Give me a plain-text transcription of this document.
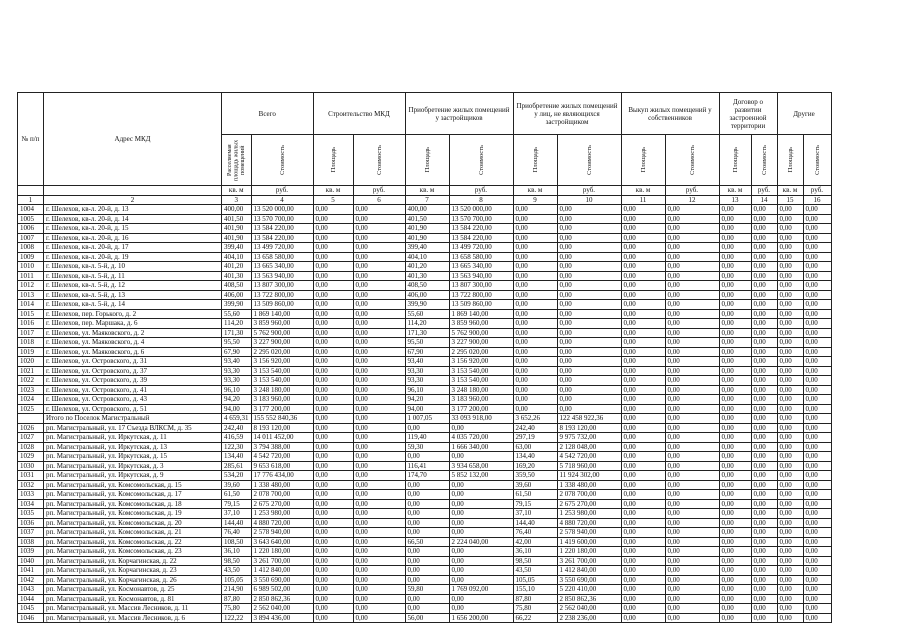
№ п/п	Адрес МКД	Всего		Строительство МКД		Приобретение жилых помещений у застройщиков		Приобретение жилых помещений у лиц, не являющихся застройщиком		Выкуп жилых помещений у собственников		Договор о развитии застроенной территории		Другие	

		Расселяемая площадь жилых помещений	Стоимость	Площадь	Стоимость	Площадь	Стоимость	Площадь	Стоимость	Площадь	Стоимость	Площадь	Стоимость	Площадь	Стоимость

		кв. м	руб.	кв. м	руб.	кв. м	руб.	кв. м	руб.	кв. м	руб.	кв. м	руб.	кв. м	руб.
1	2	3	4	5	6	7	8	9	10	11	12	13	14	15	16
1004	г. Шелехов, кв-л. 20-й, д. 13	400,00	13 520 000,00	0,00	0,00	400,00	13 520 000,00	0,00	0,00	0,00	0,00	0,00	0,00	0,00	0,00
1005	г. Шелехов, кв-л. 20-й, д. 14	401,50	13 570 700,00	0,00	0,00	401,50	13 570 700,00	0,00	0,00	0,00	0,00	0,00	0,00	0,00	0,00
1006	г. Шелехов, кв-л. 20-й, д. 15	401,90	13 584 220,00	0,00	0,00	401,90	13 584 220,00	0,00	0,00	0,00	0,00	0,00	0,00	0,00	0,00
1007	г. Шелехов, кв-л. 20-й, д. 16	401,90	13 584 220,00	0,00	0,00	401,90	13 584 220,00	0,00	0,00	0,00	0,00	0,00	0,00	0,00	0,00
1008	г. Шелехов, кв-л. 20-й, д. 17	399,40	13 499 720,00	0,00	0,00	399,40	13 499 720,00	0,00	0,00	0,00	0,00	0,00	0,00	0,00	0,00
1009	г. Шелехов, кв-л. 20-й, д. 19	404,10	13 658 580,00	0,00	0,00	404,10	13 658 580,00	0,00	0,00	0,00	0,00	0,00	0,00	0,00	0,00
1010	г. Шелехов, кв-л. 5-й, д. 10	401,20	13 665 340,00	0,00	0,00	401,20	13 665 340,00	0,00	0,00	0,00	0,00	0,00	0,00	0,00	0,00
1011	г. Шелехов, кв-л. 5-й, д. 11	401,30	13 563 940,00	0,00	0,00	401,30	13 563 940,00	0,00	0,00	0,00	0,00	0,00	0,00	0,00	0,00
1012	г. Шелехов, кв-л. 5-й, д. 12	408,50	13 807 300,00	0,00	0,00	408,50	13 807 300,00	0,00	0,00	0,00	0,00	0,00	0,00	0,00	0,00
1013	г. Шелехов, кв-л. 5-й, д. 13	406,00	13 722 800,00	0,00	0,00	406,00	13 722 800,00	0,00	0,00	0,00	0,00	0,00	0,00	0,00	0,00
1014	г. Шелехов, кв-л. 5-й, д. 14	399,90	13 509 860,00	0,00	0,00	399,90	13 509 860,00	0,00	0,00	0,00	0,00	0,00	0,00	0,00	0,00
1015	г. Шелехов, пер. Горького, д. 2	55,60	1 869 140,00	0,00	0,00	55,60	1 869 140,00	0,00	0,00	0,00	0,00	0,00	0,00	0,00	0,00
1016	г. Шелехов, пер. Маршака, д. 6	114,20	3 859 960,00	0,00	0,00	114,20	3 859 960,00	0,00	0,00	0,00	0,00	0,00	0,00	0,00	0,00
1017	г. Шелехов, ул. Маяковского, д. 2	171,30	5 762 900,00	0,00	0,00	171,30	5 762 900,00	0,00	0,00	0,00	0,00	0,00	0,00	0,00	0,00
1018	г. Шелехов, ул. Маяковского, д. 4	95,50	3 227 900,00	0,00	0,00	95,50	3 227 900,00	0,00	0,00	0,00	0,00	0,00	0,00	0,00	0,00
1019	г. Шелехов, ул. Маяковского, д. 6	67,90	2 295 020,00	0,00	0,00	67,90	2 295 020,00	0,00	0,00	0,00	0,00	0,00	0,00	0,00	0,00
1020	г. Шелехов, ул. Островского, д. 31	93,40	3 156 920,00	0,00	0,00	93,40	3 156 920,00	0,00	0,00	0,00	0,00	0,00	0,00	0,00	0,00
1021	г. Шелехов, ул. Островского, д. 37	93,30	3 153 540,00	0,00	0,00	93,30	3 153 540,00	0,00	0,00	0,00	0,00	0,00	0,00	0,00	0,00
1022	г. Шелехов, ул. Островского, д. 39	93,30	3 153 540,00	0,00	0,00	93,30	3 153 540,00	0,00	0,00	0,00	0,00	0,00	0,00	0,00	0,00
1023	г. Шелехов, ул. Островского, д. 41	96,10	3 248 180,00	0,00	0,00	96,10	3 248 180,00	0,00	0,00	0,00	0,00	0,00	0,00	0,00	0,00
1024	г. Шелехов, ул. Островского, д. 43	94,20	3 183 960,00	0,00	0,00	94,20	3 183 960,00	0,00	0,00	0,00	0,00	0,00	0,00	0,00	0,00
1025	г. Шелехов, ул. Островского, д. 51	94,00	3 177 200,00	0,00	0,00	94,00	3 177 200,00	0,00	0,00	0,00	0,00	0,00	0,00	0,00	0,00
	Итого по Поселок Магистральный	4 659,31	155 552 840,36	0,00	0,00	1 007,05	33 093 918,00	3 652,26	122 458 922,36	0,00	0,00	0,00	0,00	0,00	0,00
1026	рп. Магистральный, ул. 17 Съезда ВЛКСМ, д. 35	242,40	8 193 120,00	0,00	0,00	0,00	0,00	242,40	8 193 120,00	0,00	0,00	0,00	0,00	0,00	0,00
1027	рп. Магистральный, ул. Иркутская, д. 11	416,59	14 011 452,00	0,00	0,00	119,40	4 035 720,00	297,19	9 975 732,00	0,00	0,00	0,00	0,00	0,00	0,00
1028	рп. Магистральный, ул. Иркутская, д. 13	122,30	3 794 388,00	0,00	0,00	59,30	1 666 340,00	63,00	2 128 048,00	0,00	0,00	0,00	0,00	0,00	0,00
1029	рп. Магистральный, ул. Иркутская, д. 15	134,40	4 542 720,00	0,00	0,00	0,00	0,00	134,40	4 542 720,00	0,00	0,00	0,00	0,00	0,00	0,00
1030	рп. Магистральный, ул. Иркутская, д. 3	285,61	9 653 618,00	0,00	0,00	116,41	3 934 658,00	169,20	5 718 960,00	0,00	0,00	0,00	0,00	0,00	0,00
1031	рп. Магистральный, ул. Иркутская, д. 9	534,20	17 776 434,00	0,00	0,00	174,70	5 852 132,00	359,50	11 924 302,00	0,00	0,00	0,00	0,00	0,00	0,00
1032	рп. Магистральный, ул. Комсомольская, д. 15	39,60	1 338 480,00	0,00	0,00	0,00	0,00	39,60	1 338 480,00	0,00	0,00	0,00	0,00	0,00	0,00
1033	рп. Магистральный, ул. Комсомольская, д. 17	61,50	2 078 700,00	0,00	0,00	0,00	0,00	61,50	2 078 700,00	0,00	0,00	0,00	0,00	0,00	0,00
1034	рп. Магистральный, ул. Комсомольская, д. 18	79,15	2 675 270,00	0,00	0,00	0,00	0,00	79,15	2 675 270,00	0,00	0,00	0,00	0,00	0,00	0,00
1035	рп. Магистральный, ул. Комсомольская, д. 19	37,10	1 253 980,00	0,00	0,00	0,00	0,00	37,10	1 253 980,00	0,00	0,00	0,00	0,00	0,00	0,00
1036	рп. Магистральный, ул. Комсомольская, д. 20	144,40	4 880 720,00	0,00	0,00	0,00	0,00	144,40	4 880 720,00	0,00	0,00	0,00	0,00	0,00	0,00
1037	рп. Магистральный, ул. Комсомольская, д. 21	76,40	2 578 940,00	0,00	0,00	0,00	0,00	76,40	2 578 940,00	0,00	0,00	0,00	0,00	0,00	0,00
1038	рп. Магистральный, ул. Комсомольская, д. 22	108,50	3 643 640,00	0,00	0,00	66,50	2 224 040,00	42,00	1 419 600,00	0,00	0,00	0,00	0,00	0,00	0,00
1039	рп. Магистральный, ул. Комсомольская, д. 23	36,10	1 220 180,00	0,00	0,00	0,00	0,00	36,10	1 220 180,00	0,00	0,00	0,00	0,00	0,00	0,00
1040	рп. Магистральный, ул. Корчагинская, д. 22	98,50	3 261 700,00	0,00	0,00	0,00	0,00	98,50	3 261 700,00	0,00	0,00	0,00	0,00	0,00	0,00
1041	рп. Магистральный, ул. Корчагинская, д. 23	43,50	1 412 840,00	0,00	0,00	0,00	0,00	43,50	1 412 840,00	0,00	0,00	0,00	0,00	0,00	0,00
1042	рп. Магистральный, ул. Корчагинская, д. 26	105,05	3 550 690,00	0,00	0,00	0,00	0,00	105,05	3 550 690,00	0,00	0,00	0,00	0,00	0,00	0,00
1043	рп. Магистральный, ул. Космонавтов, д. 25	214,90	6 989 502,00	0,00	0,00	59,80	1 769 092,00	155,10	5 220 410,00	0,00	0,00	0,00	0,00	0,00	0,00
1044	рп. Магистральный, ул. Космонавтов, д. 81	87,80	2 850 862,36	0,00	0,00	0,00	0,00	87,80	2 850 862,36	0,00	0,00	0,00	0,00	0,00	0,00
1045	рп. Магистральный, ул. Массив Лесников, д. 11	75,80	2 562 040,00	0,00	0,00	0,00	0,00	75,80	2 562 040,00	0,00	0,00	0,00	0,00	0,00	0,00
1046	рп. Магистральный, ул. Массив Лесников, д. 6	122,22	3 894 436,00	0,00	0,00	56,00	1 656 200,00	66,22	2 238 236,00	0,00	0,00	0,00	0,00	0,00	0,00
